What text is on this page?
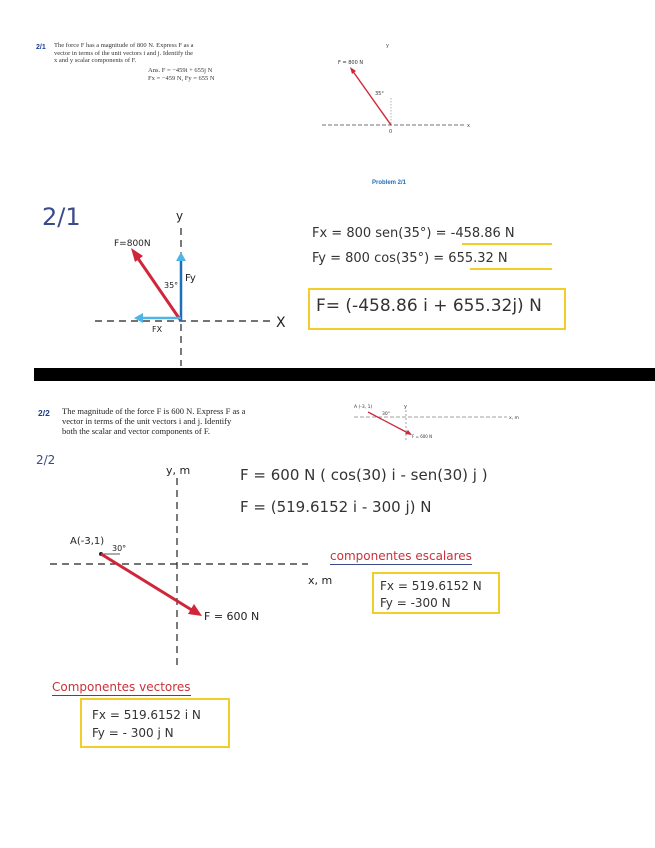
2/1 The force F has a magnitude of 800 N. Express F as a
vector in terms of the unit vectors i and j. Identify the
x and y scalar components of F.
Ans. F = −459i + 655j N
Fx = −459 N, Fy = 655 N
y
F = 800 N
35°
x
0
Problem 2/1
2/1	y
X
F=800N
Fy
35°
FX
Fx = 800 sen(35°) = -458.86 N
Fy = 800 cos(35°) = 655.32 N
F= (-458.86 i + 655.32j) N
2/2 The magnitude of the force F is 600 N. Express F as a
vector in terms of the unit vectors i and j. Identify
both the scalar and vector components of F.
A (-3, 1)	y
x, m
30°
F = 600 N
2/2
y, m
x, m
A(-3,1)
30°
F = 600 N
F = 600 N ( cos(30) i - sen(30) j )
F = (519.6152 i - 300 j) N
componentes escalares
Fx = 519.6152 N
Fy = -300 N
Componentes vectores
Fx = 519.6152 i N
Fy = - 300 j N
